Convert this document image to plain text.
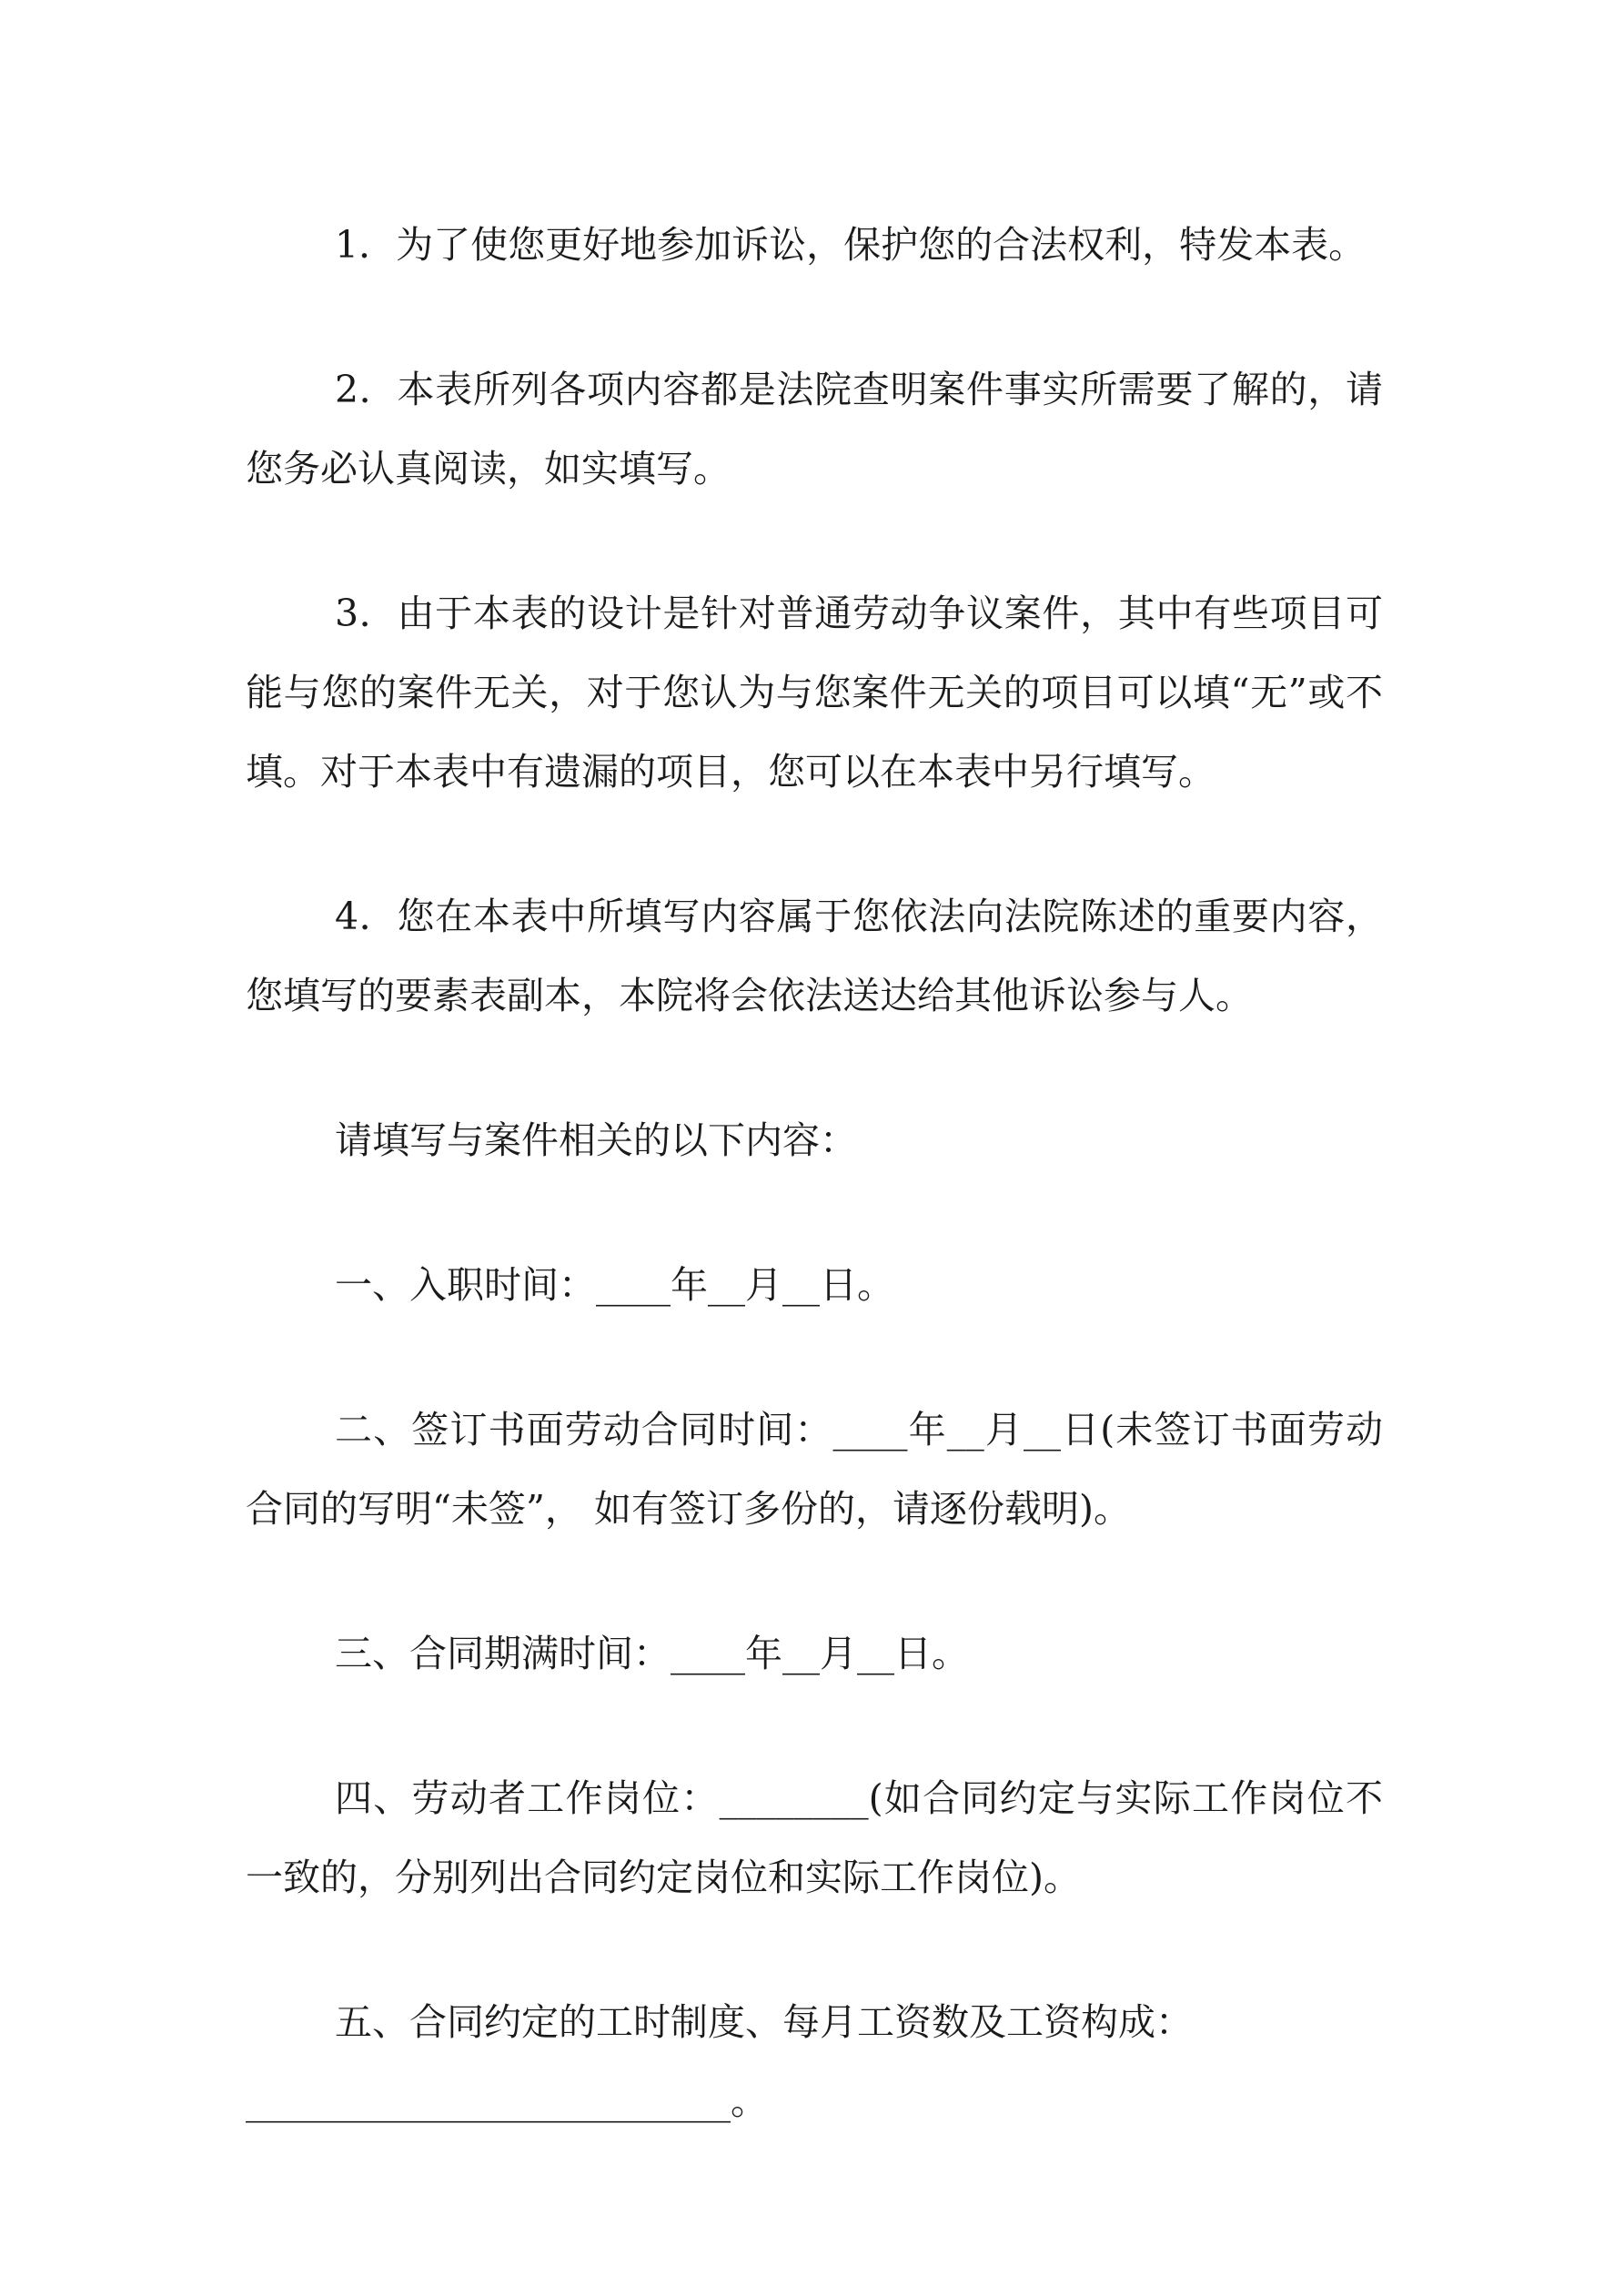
1．为了使您更好地参加诉讼，保护您的合法权利，特发本表。

2．本表所列各项内容都是法院查明案件事实所需要了解的，请您务必认真阅读，如实填写。

3．由于本表的设计是针对普通劳动争议案件，其中有些项目可能与您的案件无关，对于您认为与您案件无关的项目可以填“无”或不填。对于本表中有遗漏的项目，您可以在本表中另行填写。

4．您在本表中所填写内容属于您依法向法院陈述的重要内容，您填写的要素表副本，本院将会依法送达给其他诉讼参与人。

请填写与案件相关的以下内容：

一、入职时间：____年__月__日。

二、签订书面劳动合同时间：____年__月__日(未签订书面劳动合同的写明“未签”， 如有签订多份的，请逐份载明)。

三、合同期满时间：____年__月__日。

四、劳动者工作岗位：________(如合同约定与实际工作岗位不一致的，分别列出合同约定岗位和实际工作岗位)。

五、合同约定的工时制度、每月工资数及工资构成：

__________________________。
